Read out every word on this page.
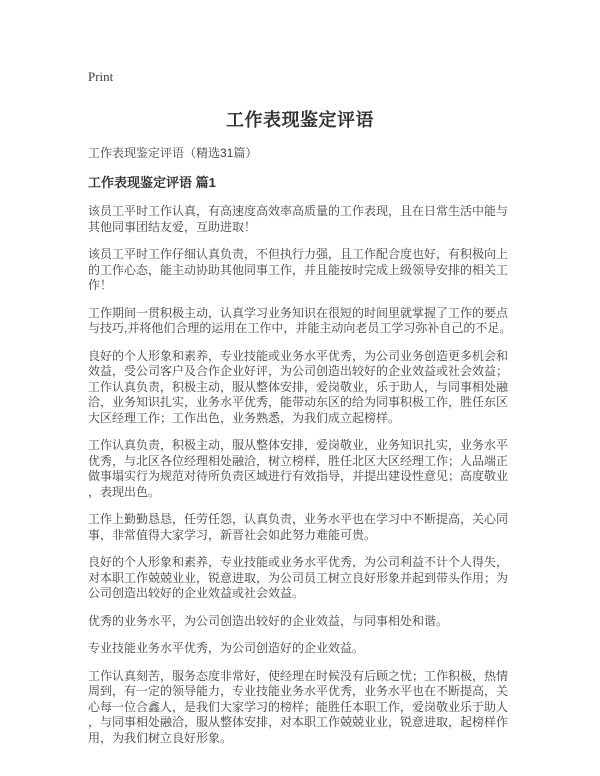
Print
工作表现鉴定评语
工作表现鉴定评语（精选31篇）
工作表现鉴定评语 篇1

该员工平时工作认真，有高速度高效率高质量的工作表现，且在日常生活中能与其他同事团结友爱，互助进取！

该员工平时工作仔细认真负责，不但执行力强，且工作配合度也好，有积极向上的工作心态，能主动协助其他同事工作，并且能按时完成上级领导安排的相关工作！

工作期间一贯积极主动，认真学习业务知识在很短的时间里就掌握了工作的要点与技巧,并将他们合理的运用在工作中，并能主动向老员工学习弥补自己的不足。

良好的个人形象和素养，专业技能或业务水平优秀，为公司业务创造更多机会和效益，受公司客户及合作企业好评，为公司创造出较好的企业效益或社会效益；工作认真负责，积极主动，服从整体安排，爱岗敬业，乐于助人，与同事相处融洽，业务知识扎实，业务水平优秀，能带动东区的给为同事积极工作，胜任东区大区经理工作；工作出色，业务熟悉，为我们成立起榜样。

工作认真负责，积极主动，服从整体安排，爱岗敬业，业务知识扎实，业务水平优秀，与北区各位经理相处融洽，树立榜样，胜任北区大区经理工作；人品端正做事塌实行为规范对待所负责区域进行有效指导，并提出建设性意见；高度敬业，表现出色。

工作上勤勤恳恳，任劳任怨，认真负责，业务水平也在学习中不断提高，关心同事，非常值得大家学习，新晋社会如此努力难能可贵。

良好的个人形象和素养，专业技能或业务水平优秀，为公司利益不计个人得失，对本职工作兢兢业业，锐意进取，为公司员工树立良好形象并起到带头作用；为公司创造出较好的企业效益或社会效益。

优秀的业务水平，为公司创造出较好的企业效益，与同事相处和谐。

专业技能业务水平优秀，为公司创造好的企业效益。

工作认真刻苦，服务态度非常好，使经理在时候没有后顾之忧；工作积极，热情周到，有一定的领导能力，专业技能业务水平优秀，业务水平也在不断提高，关心每一位合鑫人，是我们大家学习的榜样；能胜任本职工作，爱岗敬业乐于助人，与同事相处融洽，服从整体安排，对本职工作兢兢业业，锐意进取，起榜样作用，为我们树立良好形象。
